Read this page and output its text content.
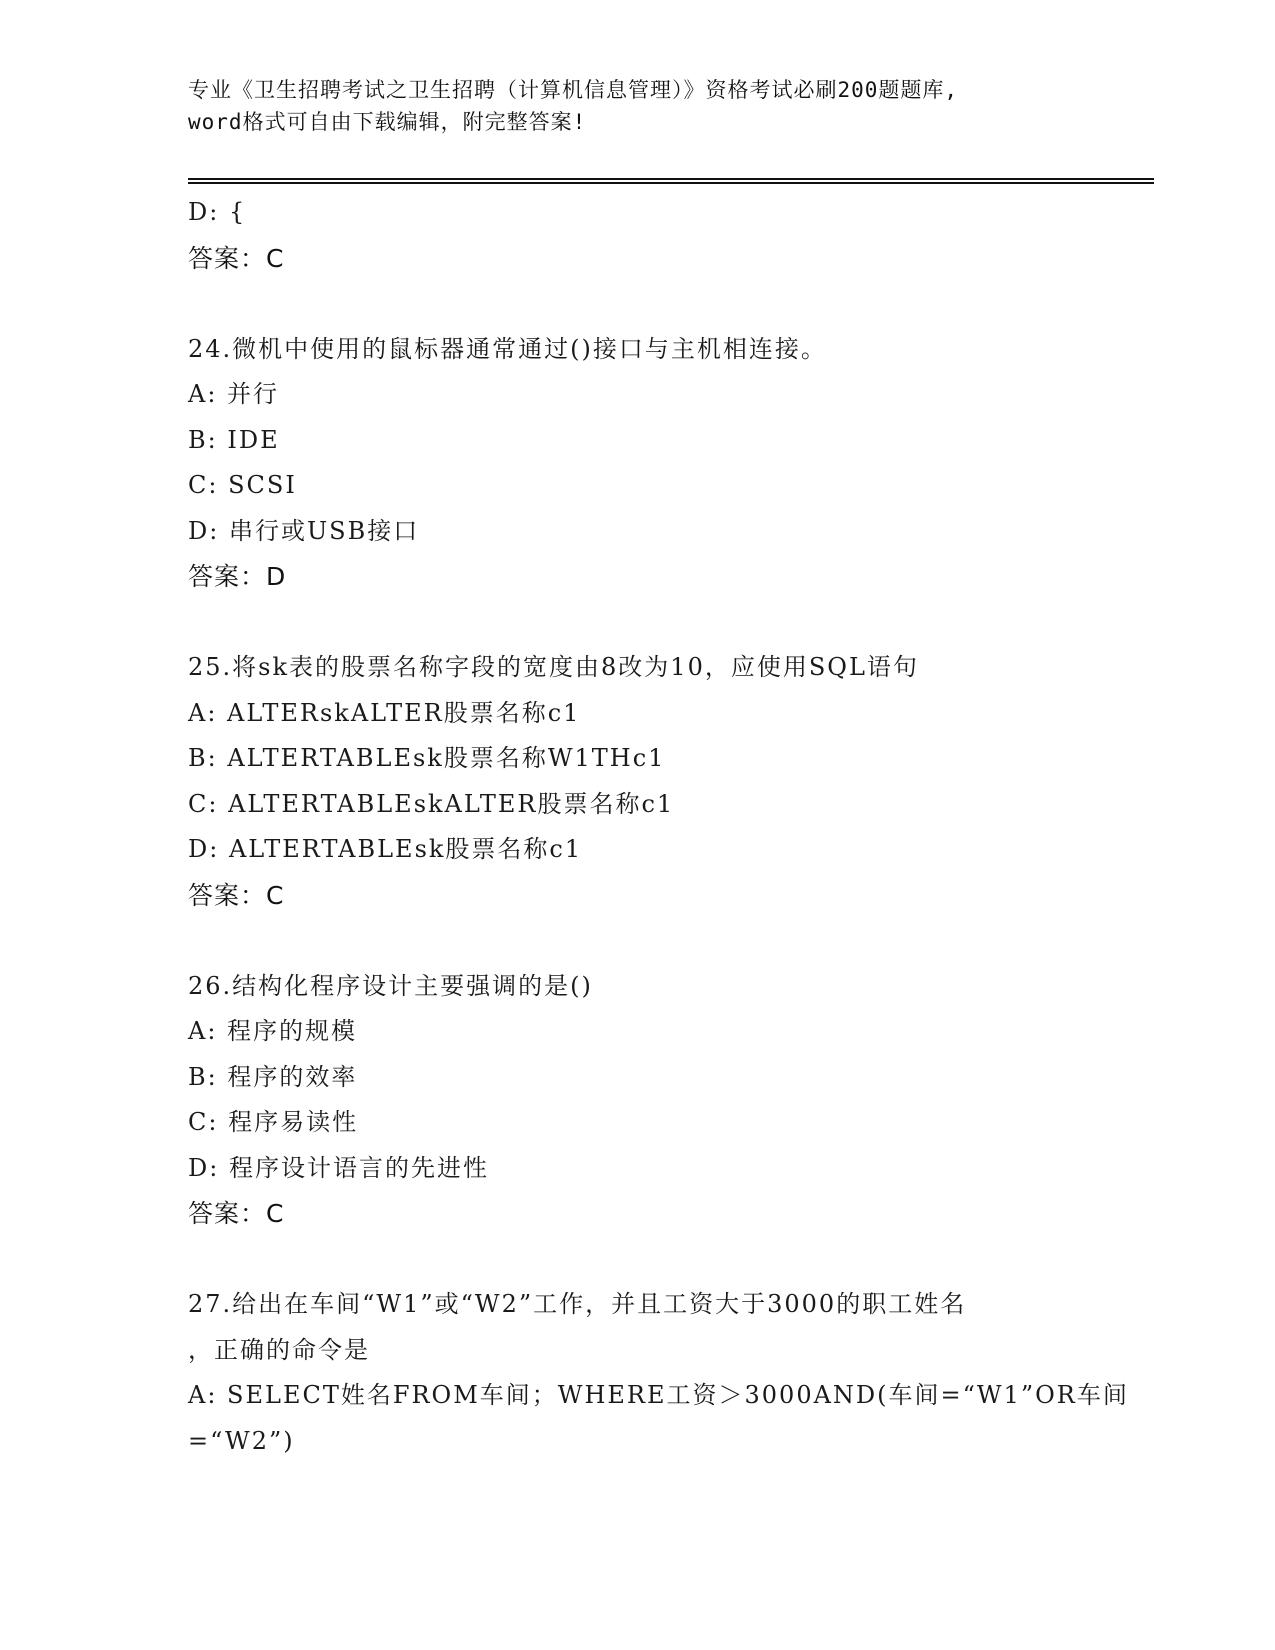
专业《卫生招聘考试之卫生招聘（计算机信息管理）》资格考试必刷200题题库,
word格式可自由下载编辑，附完整答案!
D: {
答案：C
24.微机中使用的鼠标器通常通过()接口与主机相连接。
A: 并行
B: IDE
C: SCSI
D: 串行或USB接口
答案：D
25.将sk表的股票名称字段的宽度由8改为10，应使用SQL语句
A: ALTERskALTER股票名称c1
B: ALTERTABLEsk股票名称W1THc1
C: ALTERTABLEskALTER股票名称c1
D: ALTERTABLEsk股票名称c1
答案：C
26.结构化程序设计主要强调的是()
A: 程序的规模
B: 程序的效率
C: 程序易读性
D: 程序设计语言的先进性
答案：C
27.给出在车间“W1”或“W2”工作，并且工资大于3000的职工姓名
，正确的命令是
A: SELECT姓名FROM车间；WHERE工资＞3000AND(车间=“W1”OR车间
=“W2”)
